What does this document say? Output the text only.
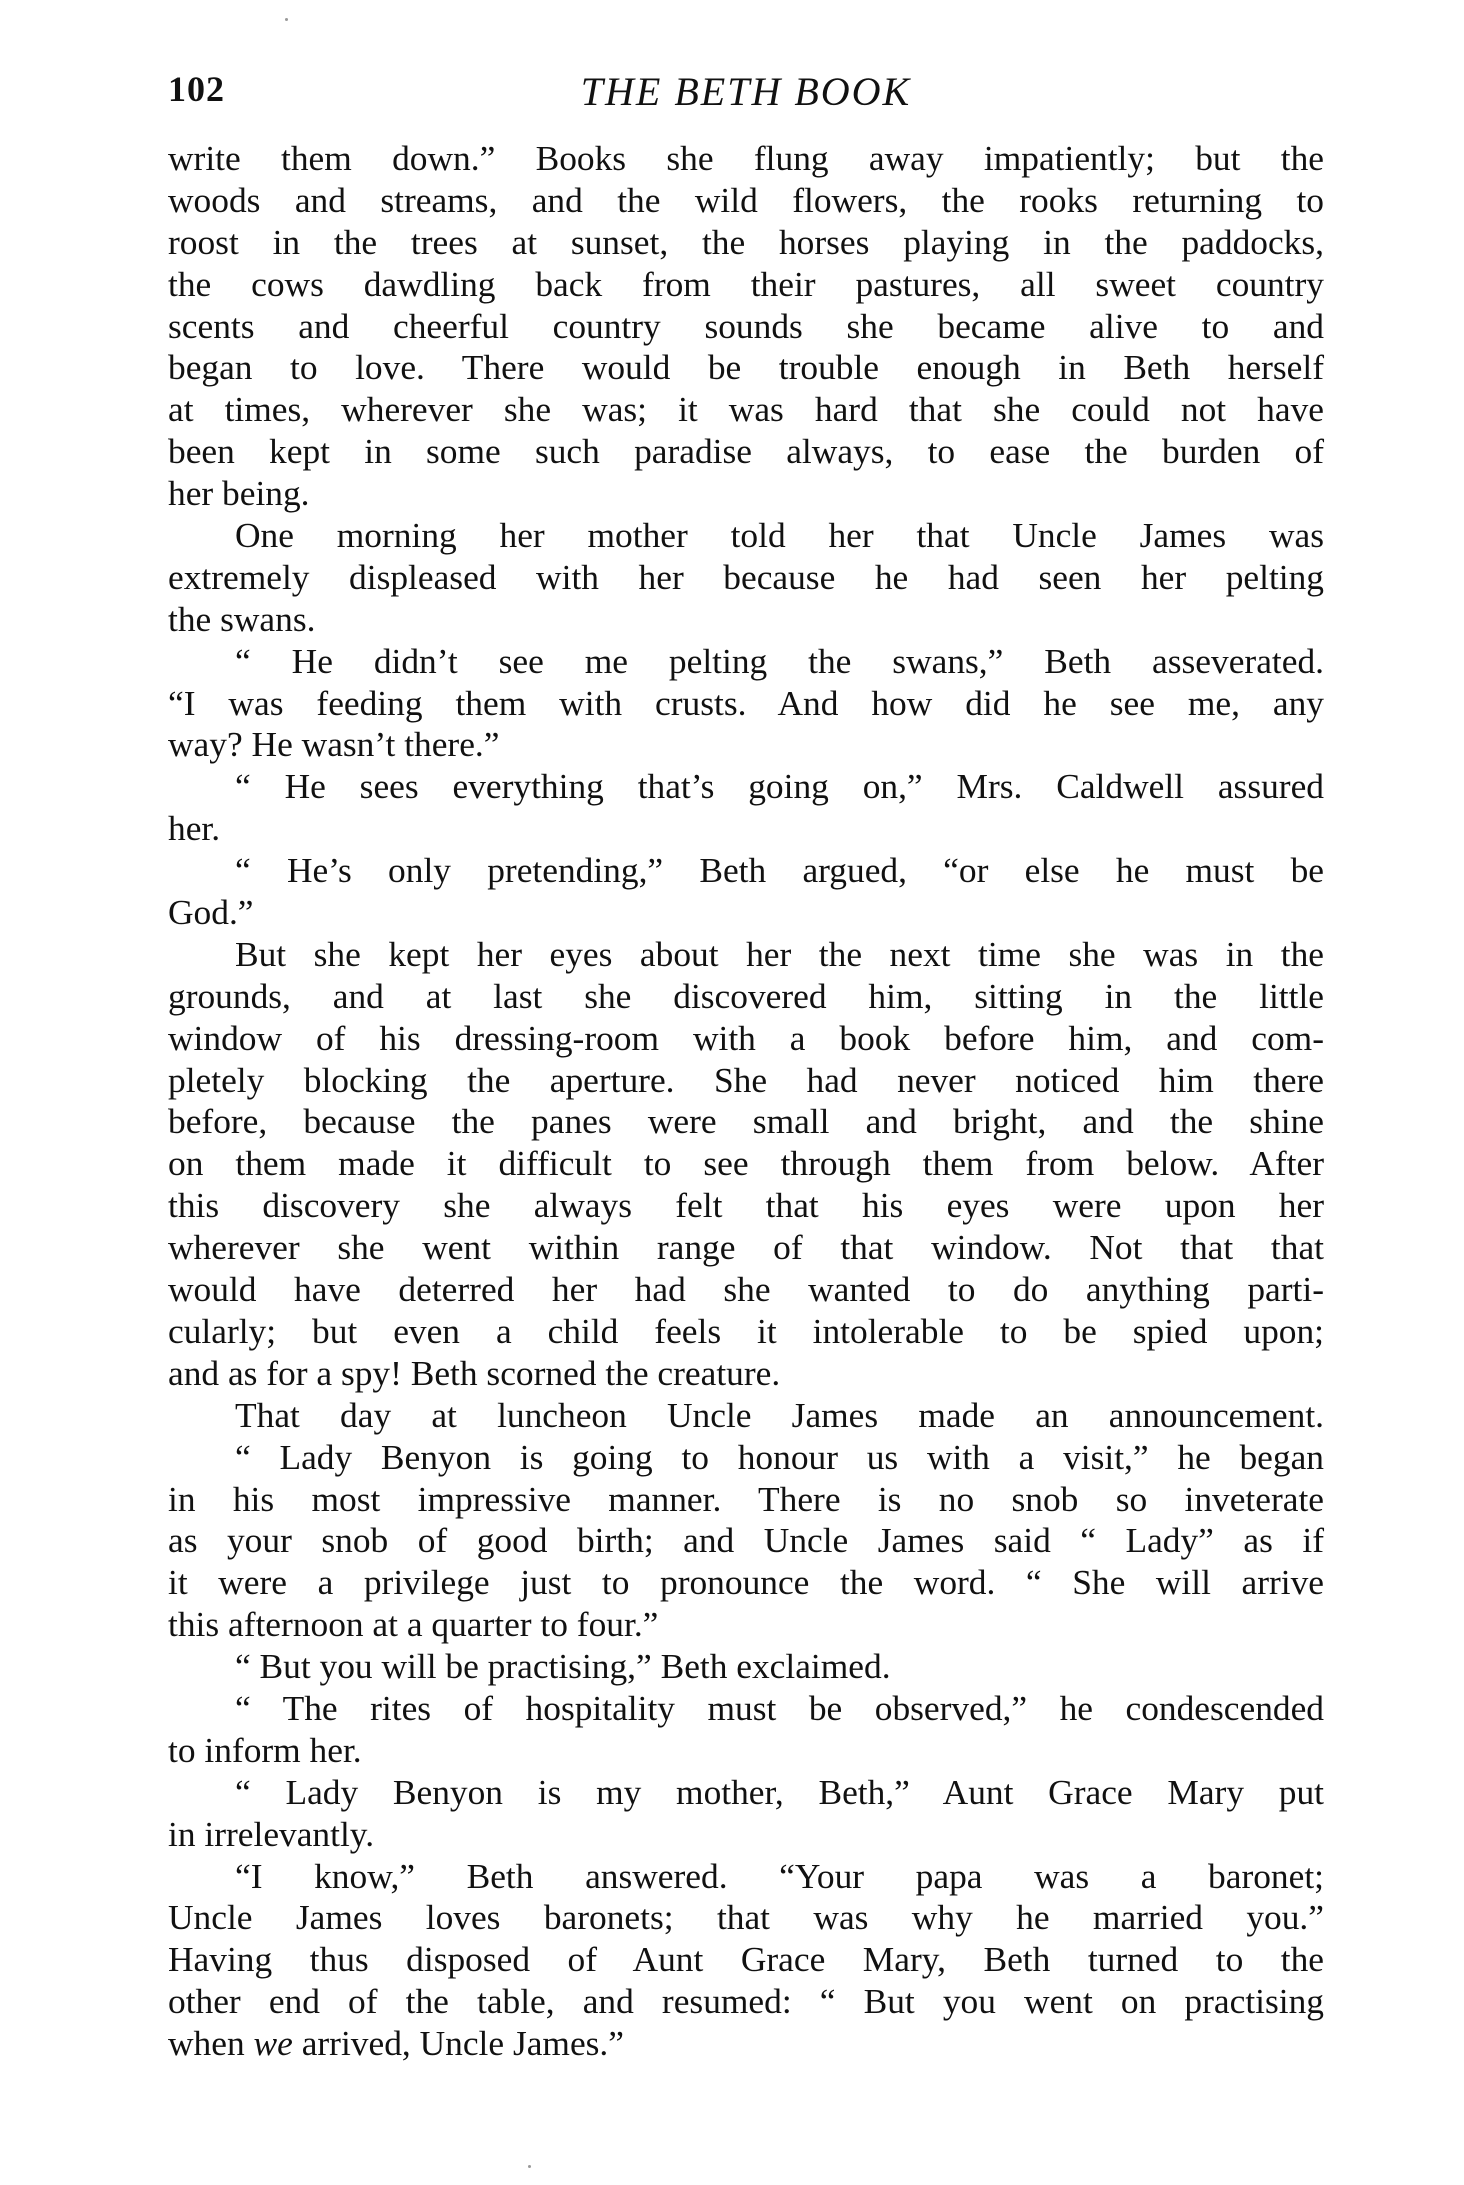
102	THE BETH BOOK
write them down.” Books she flung away impatiently; but the
woods and streams, and the wild flowers, the rooks returning to
roost in the trees at sunset, the horses playing in the paddocks,
the cows dawdling back from their pastures, all sweet country
scents and cheerful country sounds she became alive to and
began to love. There would be trouble enough in Beth herself
at times, wherever she was; it was hard that she could not have
been kept in some such paradise always, to ease the burden of
her being.
One morning her mother told her that Uncle James was
extremely displeased with her because he had seen her pelting
the swans.
“ He didn’t see me pelting the swans,” Beth asseverated.
“I was feeding them with crusts. And how did he see me, any
way? He wasn’t there.”
“ He sees everything that’s going on,” Mrs. Caldwell assured
her.
“ He’s only pretending,” Beth argued, “or else he must be
God.”
But she kept her eyes about her the next time she was in the
grounds, and at last she discovered him, sitting in the little
window of his dressing-room with a book before him, and com-
pletely blocking the aperture. She had never noticed him there
before, because the panes were small and bright, and the shine
on them made it difficult to see through them from below. After
this discovery she always felt that his eyes were upon her
wherever she went within range of that window. Not that that
would have deterred her had she wanted to do anything parti-
cularly; but even a child feels it intolerable to be spied upon;
and as for a spy! Beth scorned the creature.
That day at luncheon Uncle James made an announcement.
“ Lady Benyon is going to honour us with a visit,” he began
in his most impressive manner. There is no snob so inveterate
as your snob of good birth; and Uncle James said “ Lady” as if
it were a privilege just to pronounce the word. “ She will arrive
this afternoon at a quarter to four.”
“ But you will be practising,” Beth exclaimed.
“ The rites of hospitality must be observed,” he condescended
to inform her.
“ Lady Benyon is my mother, Beth,” Aunt Grace Mary put
in irrelevantly.
“I know,” Beth answered. “Your papa was a baronet;
Uncle James loves baronets; that was why he married you.”
Having thus disposed of Aunt Grace Mary, Beth turned to the
other end of the table, and resumed: “ But you went on practising
when we arrived, Uncle James.”
